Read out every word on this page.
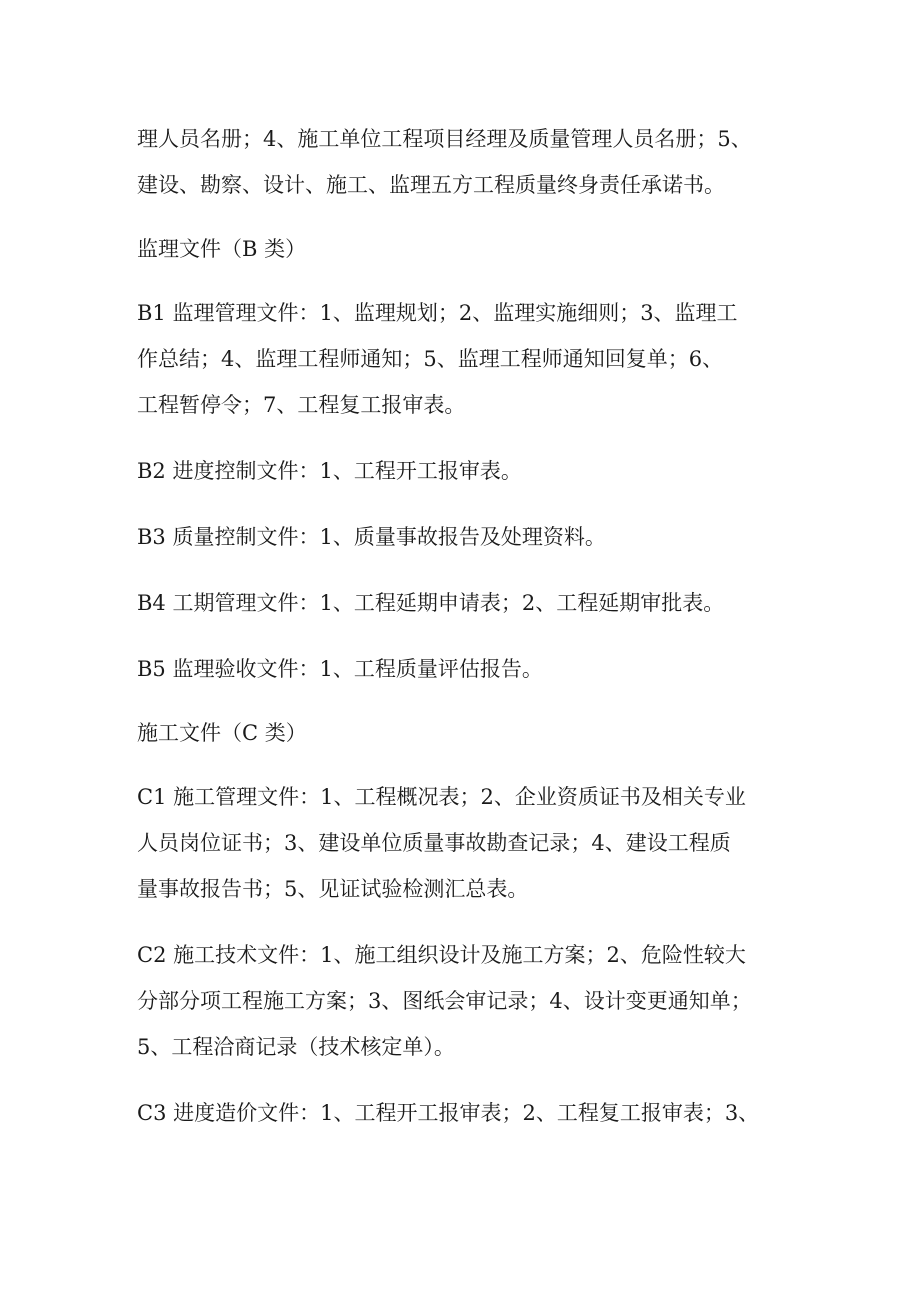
理人员名册；4、施工单位工程项目经理及质量管理人员名册；5、
建设、勘察、设计、施工、监理五方工程质量终身责任承诺书。

监理文件（B 类）

B1 监理管理文件：1、监理规划；2、监理实施细则；3、监理工
作总结；4、监理工程师通知；5、监理工程师通知回复单；6、
工程暂停令；7、工程复工报审表。

B2 进度控制文件：1、工程开工报审表。

B3 质量控制文件：1、质量事故报告及处理资料。

B4 工期管理文件：1、工程延期申请表；2、工程延期审批表。

B5 监理验收文件：1、工程质量评估报告。

施工文件（C 类）

C1 施工管理文件：1、工程概况表；2、企业资质证书及相关专业
人员岗位证书；3、建设单位质量事故勘查记录；4、建设工程质
量事故报告书；5、见证试验检测汇总表。

C2 施工技术文件：1、施工组织设计及施工方案；2、危险性较大
分部分项工程施工方案；3、图纸会审记录；4、设计变更通知单；
5、工程洽商记录（技术核定单）。

C3 进度造价文件：1、工程开工报审表；2、工程复工报审表；3、
